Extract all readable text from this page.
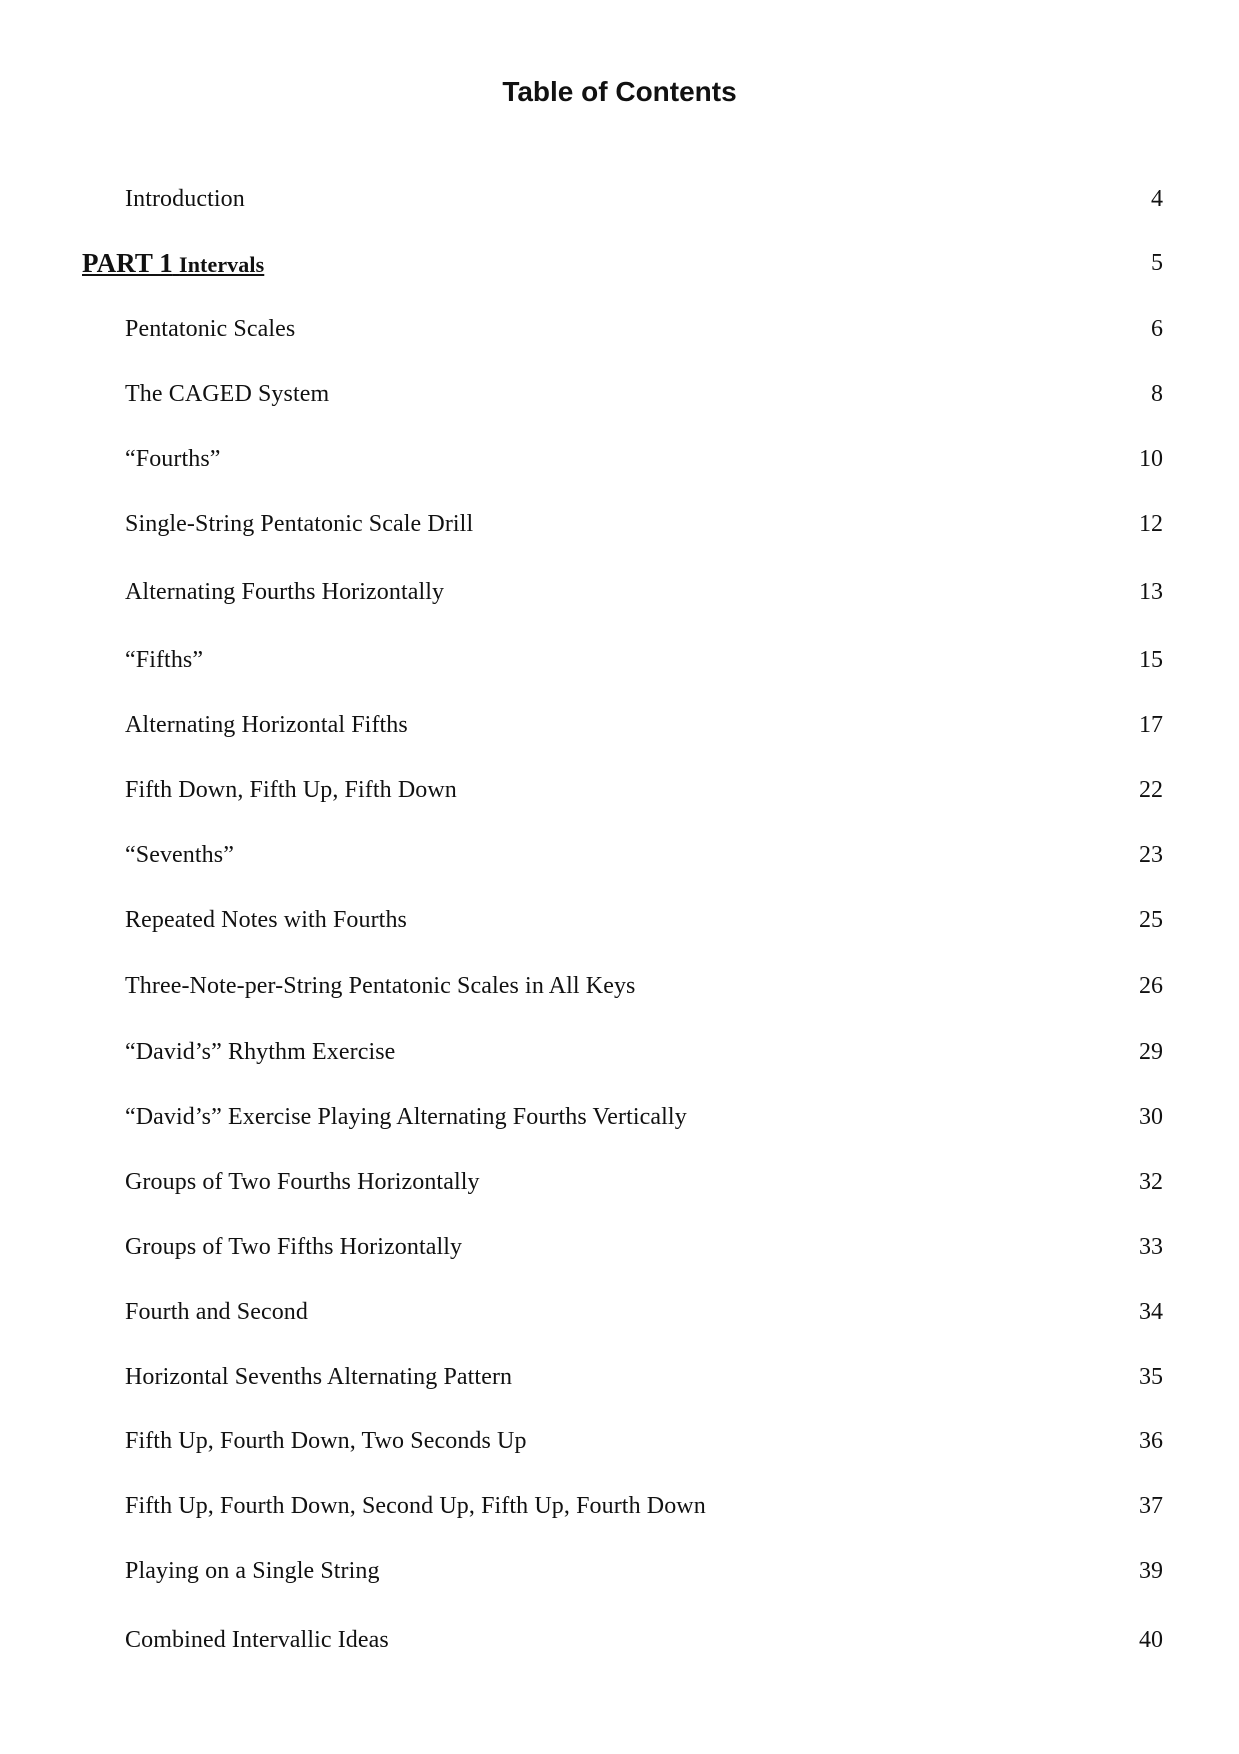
Table of Contents
Introduction	4
PART 1 Intervals	5
Pentatonic Scales	6
The CAGED System	8
“Fourths”	10
Single-String Pentatonic Scale Drill	12
Alternating Fourths Horizontally	13
“Fifths”	15
Alternating Horizontal Fifths	17
Fifth Down, Fifth Up, Fifth Down	22
“Sevenths”	23
Repeated Notes with Fourths	25
Three-Note-per-String Pentatonic Scales in All Keys	26
“David’s” Rhythm Exercise	29
“David’s” Exercise Playing Alternating Fourths Vertically	30
Groups of Two Fourths Horizontally	32
Groups of Two Fifths Horizontally	33
Fourth and Second	34
Horizontal Sevenths Alternating Pattern	35
Fifth Up, Fourth Down, Two Seconds Up	36
Fifth Up, Fourth Down, Second Up, Fifth Up, Fourth Down	37
Playing on a Single String	39
Combined Intervallic Ideas	40
